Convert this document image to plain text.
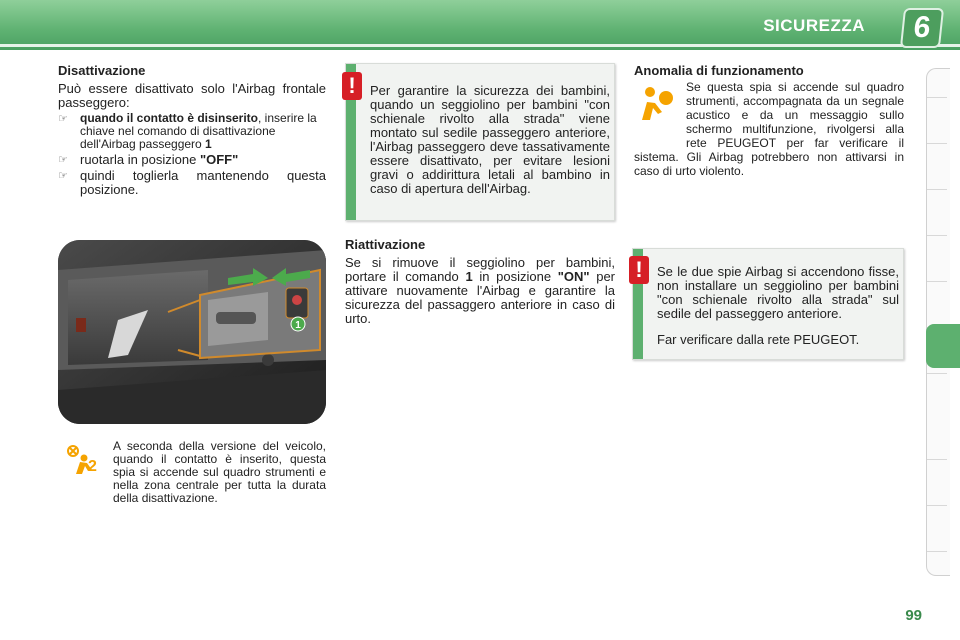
SICUREZZA	6
Disattivazione
Può essere disattivato solo l'Airbag frontale passeggero:
☞	quando il contatto è disinserito, inserire la chiave nel comando di disattivazione dell'Airbag passeggero 1
☞ ruotarla in posizione "OFF"
☞ quindi toglierla mantenendo questa posizione.
1
2
A seconda della versione del veicolo, quando il contatto è inserito, questa spia si accende sul quadro strumenti e nella zona centrale per tutta la durata della disattivazione.
Per garantire la sicurezza dei bambini, quando un seggiolino per bambini "con schienale rivolto alla strada" viene montato sul sedile passeggero anteriore, l'Airbag passeggero deve tassativamente essere disattivato, per evitare lesioni gravi o addirittura letali al bambino in caso di apertura dell'Airbag.
!
Riattivazione
Se si rimuove il seggiolino per bambini, portare il comando 1 in posizione "ON" per attivare nuovamente l'Airbag e garantire la sicurezza del passaggero anteriore in caso di urto.
Anomalia di funzionamento
Se questa spia si accende sul quadro strumenti, accompagnata da un segnale acustico e da un messaggio sullo schermo multifunzione, rivolgersi alla rete PEUGEOT per far verificare il sistema. Gli Airbag potrebbero non attivarsi in caso di urto violento.
Se le due spie Airbag si accendono fisse, non installare un seggiolino per bambini "con schienale rivolto alla strada" sul sedile del passeggero anteriore.
Far verificare dalla rete PEUGEOT.
!
99
